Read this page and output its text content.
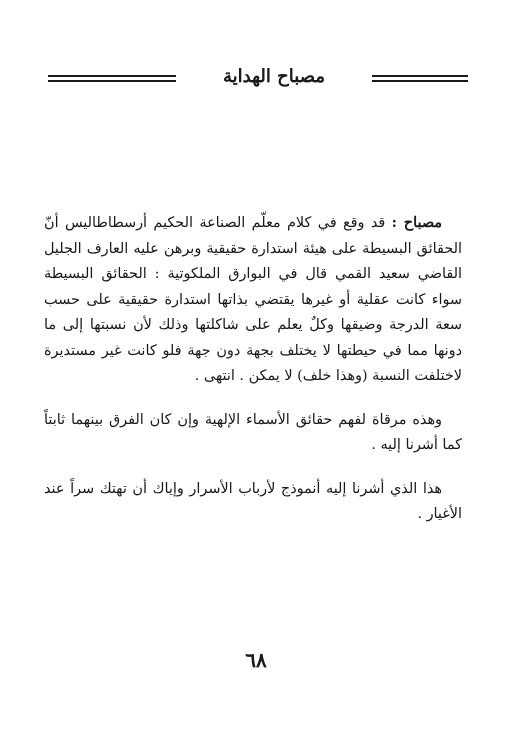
مصباح الهداية

مصباح : قد وقع في كلام معلّم الصناعة الحكيم أرسطاطاليس أنّ الحقائق البسيطة على هيئة استدارة حقيقية وبرهن عليه العارف الجليل القاضي سعيد القمي قال في البوارق الملكوتية : الحقائق البسيطة سواء كانت عقلية أو غيرها يقتضي بذاتها استدارة حقيقية على حسب سعة الدرجة وضيقها وكلٌ يعلم على شاكلتها وذلك لأن نسبتها إلى ما دونها مما في حيطتها لا يختلف بجهة دون جهة فلو كانت غير مستديرة لاختلفت النسبة (وهذا خلف) لا يمكن . انتهى .

وهذه مرقاة لفهم حقائق الأسماء الإلهية وإن كان الفرق بينهما ثابتاً كما أشرنا إليه .

هذا الذي أشرنا إليه أنموذج لأرباب الأسرار وإياك أن تهتك سراً عند الأغيار .

٦٨
